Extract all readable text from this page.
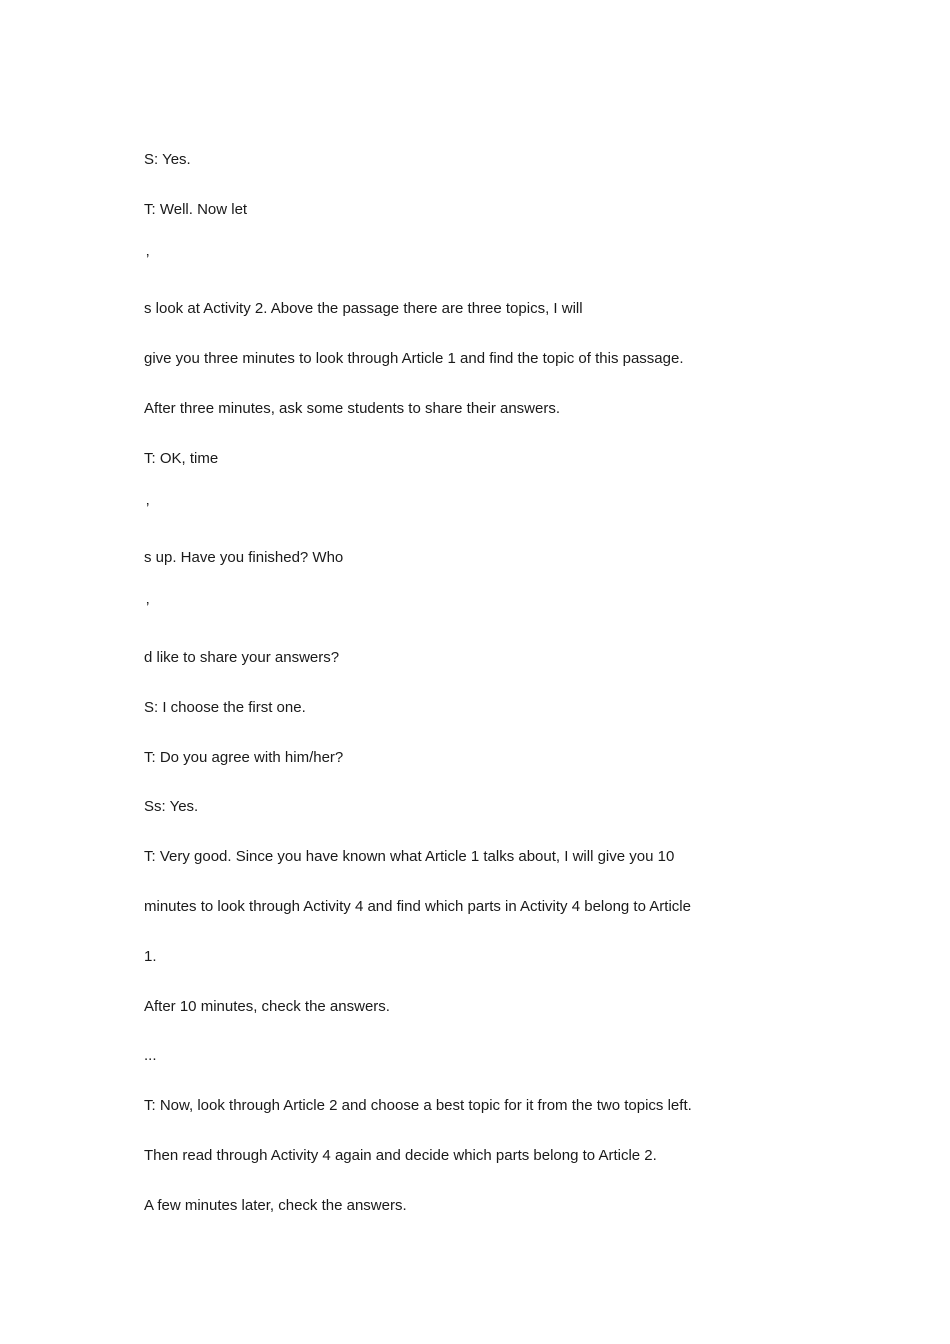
S: Yes.
T: Well. Now let
’
s look at Activity 2. Above the passage there are three topics, I will
give you three minutes to look through Article 1 and find the topic of this passage.
After three minutes, ask some students to share their answers.
T: OK, time
’
s up. Have you finished? Who
’
d like to share your answers?
S: I choose the first one.
T: Do you agree with him/her?
Ss: Yes.
T: Very good. Since you have known what Article 1 talks about, I will give you 10
minutes to look through Activity 4 and find which parts in Activity 4 belong to Article
1.
After 10 minutes, check the answers.
...
T: Now, look through Article 2 and choose a best topic for it from the two topics left.
Then read through Activity 4 again and decide which parts belong to Article 2.
A few minutes later, check the answers.
